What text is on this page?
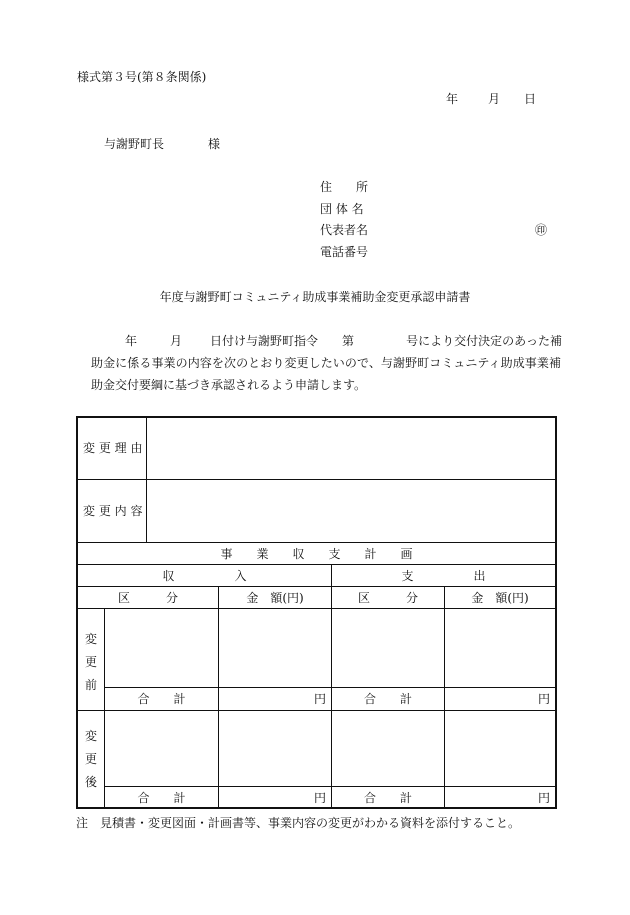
様式第３号(第８条関係)
年	月 日
与謝野町長	様
住　　所
団 体 名
代表者名	㊞
電話番号
年度与謝野町コミュニティ助成事業補助金変更承認申請書
年	月 日付け与謝野町指令 第	号により交付決定のあった補
助金に係る事業の内容を次のとおり変更したいので、与謝野町コミュニティ助成事業補助金交付要綱に基づき承認されるよう申請します。
変 更 理 由
変 更 内 容
事　　業　　収　　支　　計　　画
収　　　　　入	支　　　　　出
区　　　分	金　額(円)	区　　　分	金　額(円)
変
更
前
合　　計	円	合　　計	円
変
更
後
合　　計	円	合　　計	円
注　見積書・変更図面・計画書等、事業内容の変更がわかる資料を添付すること。
